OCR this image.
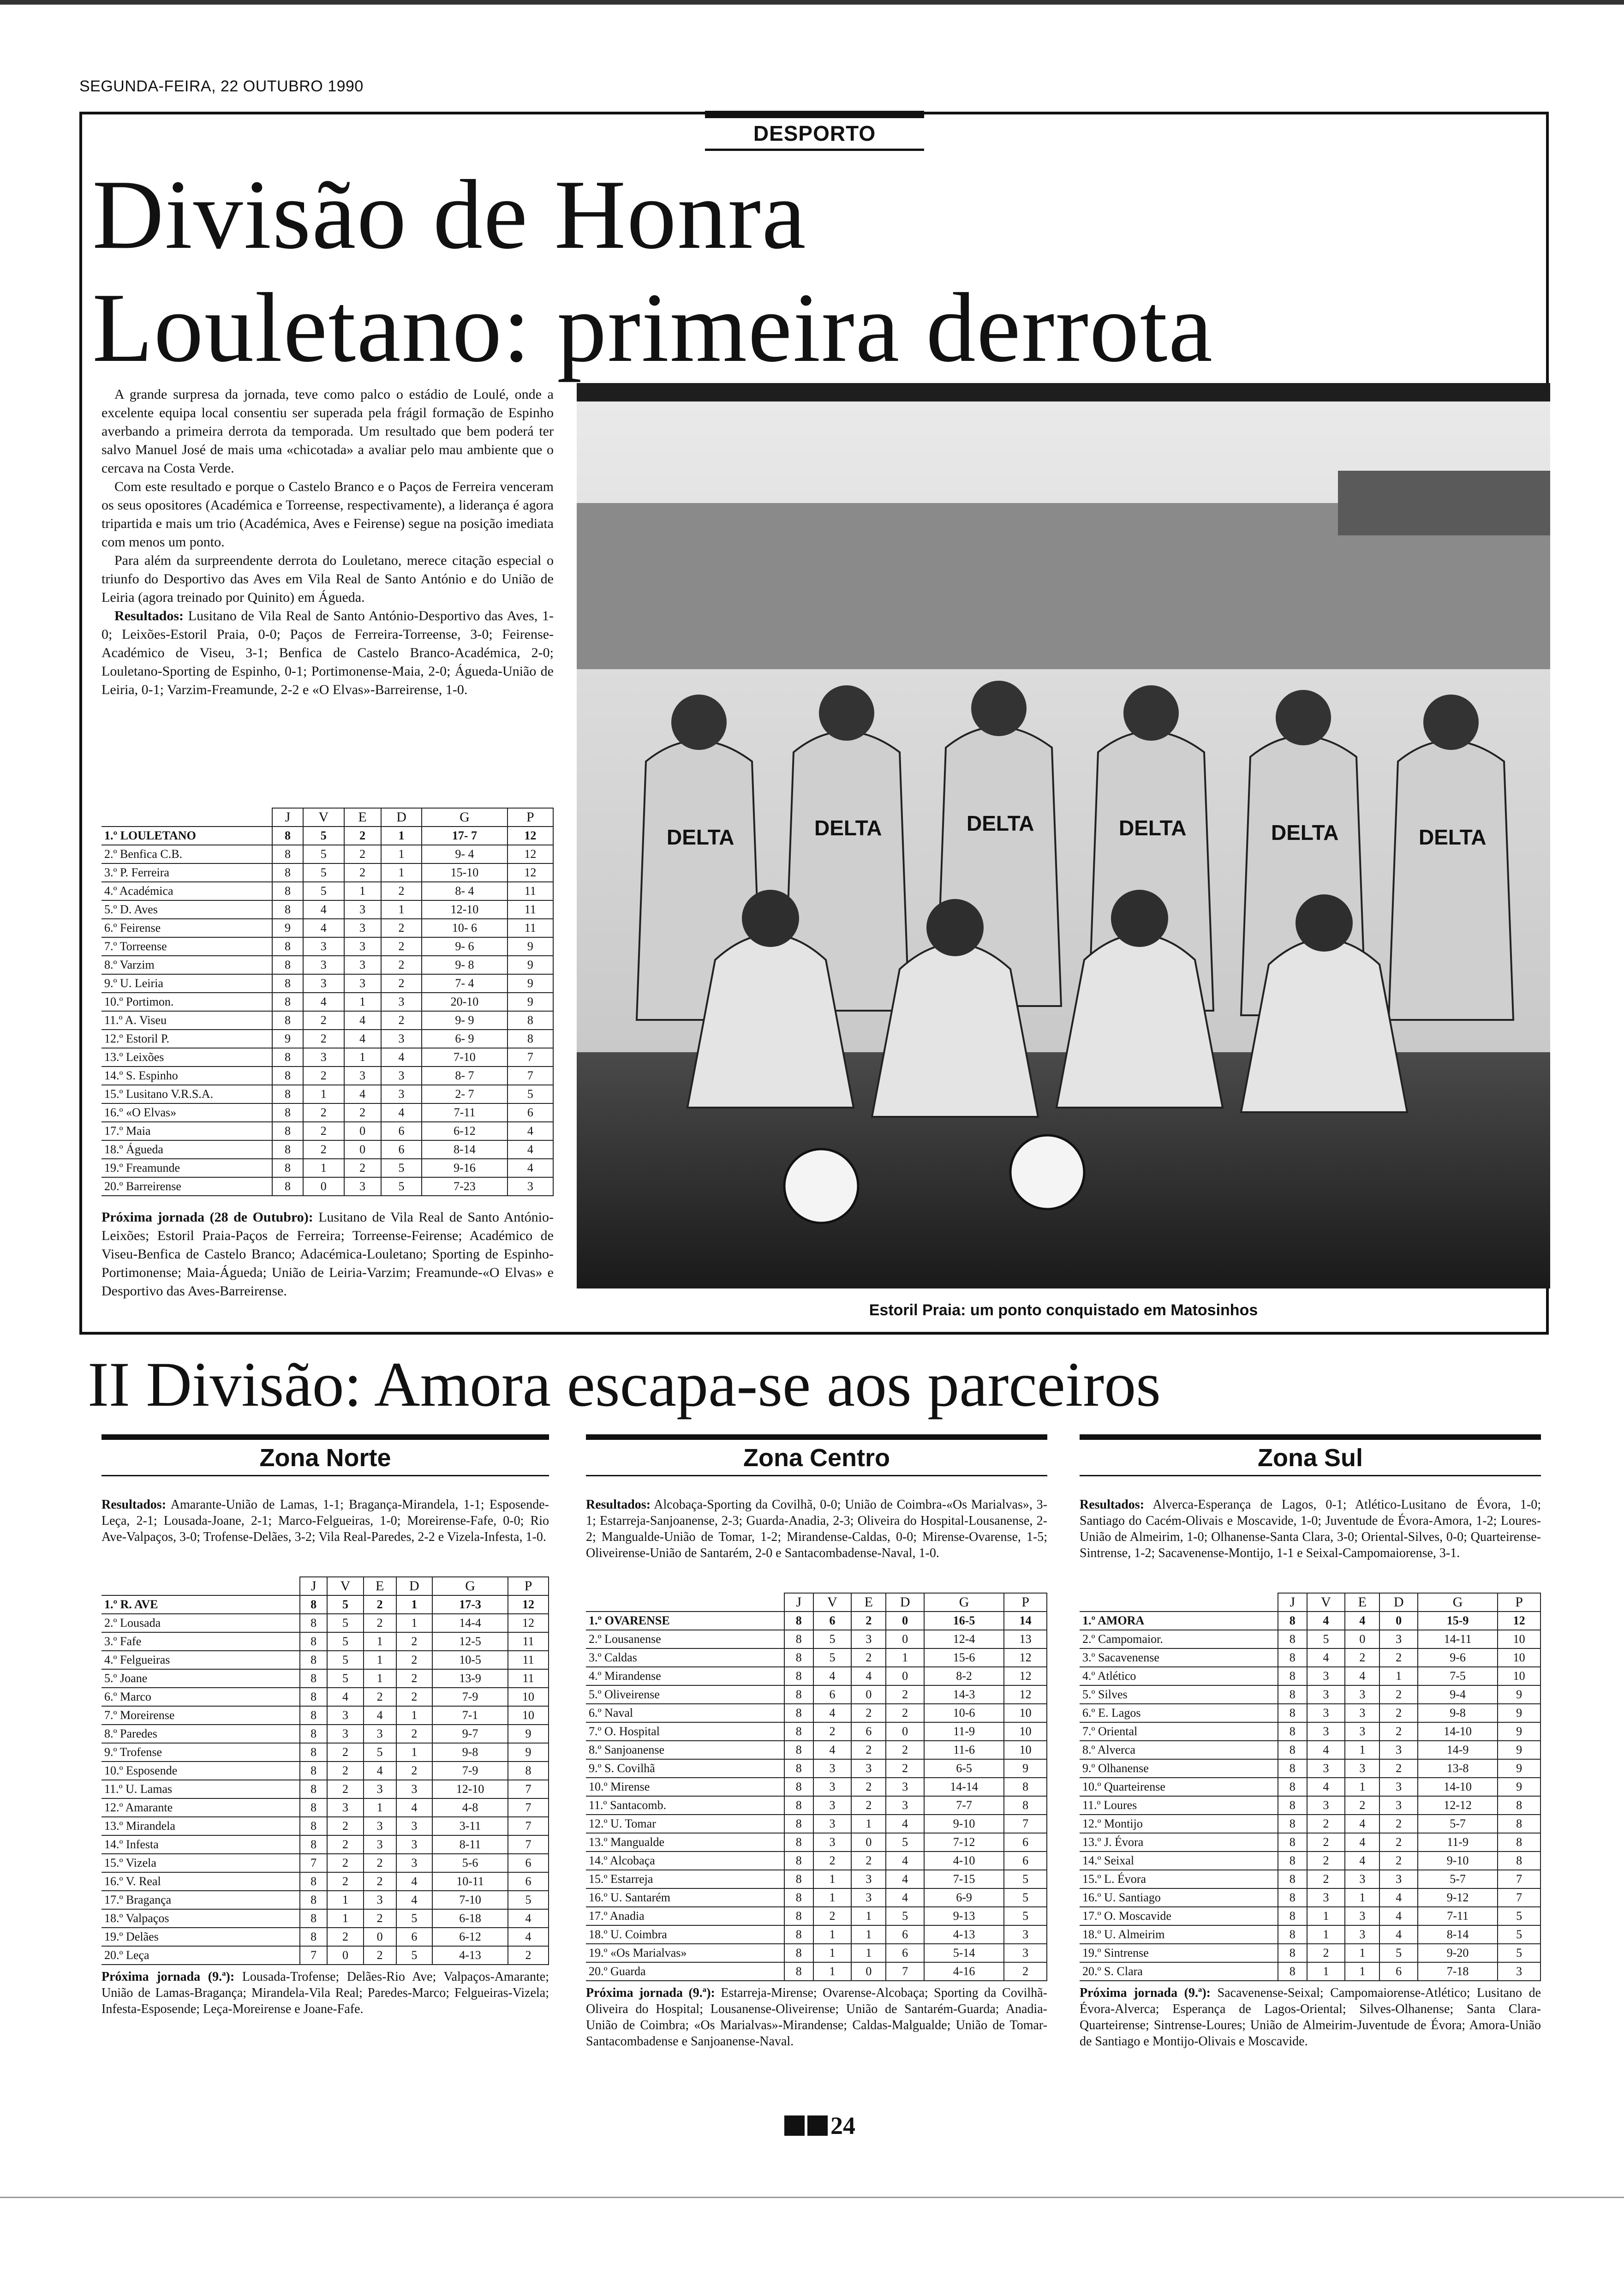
SEGUNDA-FEIRA, 22 OUTUBRO 1990
DESPORTO
Divisão de Honra
Louletano: primeira derrota

A grande surpresa da jornada, teve como palco o estádio de Loulé, onde a excelente equipa local consentiu ser superada pela frágil formação de Espinho averbando a primeira derrota da temporada. Um resultado que bem poderá ter salvo Manuel José de mais uma «chicotada» a avaliar pelo mau ambiente que o cercava na Costa Verde.

Com este resultado e porque o Castelo Branco e o Paços de Ferreira venceram os seus opositores (Académica e Torreense, respectivamente), a liderança é agora tripartida e mais um trio (Académica, Aves e Feirense) segue na posição imediata com menos um ponto.

Para além da surpreendente derrota do Louletano, merece citação especial o triunfo do Desportivo das Aves em Vila Real de Santo António e do União de Leiria (agora treinado por Quinito) em Águeda.

Resultados: Lusitano de Vila Real de Santo António-Desportivo das Aves, 1-0; Leixões-Estoril Praia, 0-0; Paços de Ferreira-Torreense, 3-0; Feirense-Académico de Viseu, 3-1; Benfica de Castelo Branco-Académica, 2-0; Louletano-Sporting de Espinho, 0-1; Portimonense-Maia, 2-0; Águeda-União de Leiria, 0-1; Varzim-Freamunde, 2-2 e «O Elvas»-Barreirense, 1-0.

	J	V	E	D	G	P
1.º LOULETANO	8	5	2	1	17- 7	12
2.º Benfica C.B.	8	5	2	1	9- 4	12
3.º P. Ferreira	8	5	2	1	15-10	12
4.º Académica	8	5	1	2	8- 4	11
5.º D. Aves	8	4	3	1	12-10	11
6.º Feirense	9	4	3	2	10- 6	11
7.º Torreense	8	3	3	2	9- 6	9
8.º Varzim	8	3	3	2	9- 8	9
9.º U. Leiria	8	3	3	2	7- 4	9
10.º Portimon.	8	4	1	3	20-10	9
11.º A. Viseu	8	2	4	2	9- 9	8
12.º Estoril P.	9	2	4	3	6- 9	8
13.º Leixões	8	3	1	4	7-10	7
14.º S. Espinho	8	2	3	3	8- 7	7
15.º Lusitano V.R.S.A.	8	1	4	3	2- 7	5
16.º «O Elvas»	8	2	2	4	7-11	6
17.º Maia	8	2	0	6	6-12	4
18.º Águeda	8	2	0	6	8-14	4
19.º Freamunde	8	1	2	5	9-16	4
20.º Barreirense	8	0	3	5	7-23	3
Próxima jornada (28 de Outubro): Lusitano de Vila Real de Santo António-Leixões; Estoril Praia-Paços de Ferreira; Torreense-Feirense; Académico de Viseu-Benfica de Castelo Branco; Adacémica-Louletano; Sporting de Espinho-Portimonense; Maia-Águeda; União de Leiria-Varzim; Freamunde-«O Elvas» e Desportivo das Aves-Barreirense.
DELTA	DELTA	DELTA	DELTA	DELTA	DELTA
Estoril Praia: um ponto conquistado em Matosinhos
II Divisão: Amora escapa-se aos parceiros
Zona Norte
Resultados: Amarante-União de Lamas, 1-1; Bragança-Mirandela, 1-1; Esposende-Leça, 2-1; Lousada-Joane, 2-1; Marco-Felgueiras, 1-0; Moreirense-Fafe, 0-0; Rio Ave-Valpaços, 3-0; Trofense-Delães, 3-2; Vila Real-Paredes, 2-2 e Vizela-Infesta, 1-0.
	J	V	E	D	G	P
1.º R. AVE	8	5	2	1	17-3	12
2.º Lousada	8	5	2	1	14-4	12
3.º Fafe	8	5	1	2	12-5	11
4.º Felgueiras	8	5	1	2	10-5	11
5.º Joane	8	5	1	2	13-9	11
6.º Marco	8	4	2	2	7-9	10
7.º Moreirense	8	3	4	1	7-1	10
8.º Paredes	8	3	3	2	9-7	9
9.º Trofense	8	2	5	1	9-8	9
10.º Esposende	8	2	4	2	7-9	8
11.º U. Lamas	8	2	3	3	12-10	7
12.º Amarante	8	3	1	4	4-8	7
13.º Mirandela	8	2	3	3	3-11	7
14.º Infesta	8	2	3	3	8-11	7
15.º Vizela	7	2	2	3	5-6	6
16.º V. Real	8	2	2	4	10-11	6
17.º Bragança	8	1	3	4	7-10	5
18.º Valpaços	8	1	2	5	6-18	4
19.º Delães	8	2	0	6	6-12	4
20.º Leça	7	0	2	5	4-13	2
Próxima jornada (9.ª): Lousada-Trofense; Delães-Rio Ave; Valpaços-Amarante; União de Lamas-Bragança; Mirandela-Vila Real; Paredes-Marco; Felgueiras-Vizela; Infesta-Esposende; Leça-Moreirense e Joane-Fafe.
Zona Centro
Resultados: Alcobaça-Sporting da Covilhã, 0-0; União de Coimbra-«Os Marialvas», 3-1; Estarreja-Sanjoanense, 2-3; Guarda-Anadia, 2-3; Oliveira do Hospital-Lousanense, 2-2; Mangualde-União de Tomar, 1-2; Mirandense-Caldas, 0-0; Mirense-Ovarense, 1-5; Oliveirense-União de Santarém, 2-0 e Santacombadense-Naval, 1-0.
	J	V	E	D	G	P
1.º OVARENSE	8	6	2	0	16-5	14
2.º Lousanense	8	5	3	0	12-4	13
3.º Caldas	8	5	2	1	15-6	12
4.º Mirandense	8	4	4	0	8-2	12
5.º Oliveirense	8	6	0	2	14-3	12
6.º Naval	8	4	2	2	10-6	10
7.º O. Hospital	8	2	6	0	11-9	10
8.º Sanjoanense	8	4	2	2	11-6	10
9.º S. Covilhã	8	3	3	2	6-5	9
10.º Mirense	8	3	2	3	14-14	8
11.º Santacomb.	8	3	2	3	7-7	8
12.º U. Tomar	8	3	1	4	9-10	7
13.º Mangualde	8	3	0	5	7-12	6
14.º Alcobaça	8	2	2	4	4-10	6
15.º Estarreja	8	1	3	4	7-15	5
16.º U. Santarém	8	1	3	4	6-9	5
17.º Anadia	8	2	1	5	9-13	5
18.º U. Coimbra	8	1	1	6	4-13	3
19.º «Os Marialvas»	8	1	1	6	5-14	3
20.º Guarda	8	1	0	7	4-16	2
Próxima jornada (9.ª): Estarreja-Mirense; Ovarense-Alcobaça; Sporting da Covilhã-Oliveira do Hospital; Lousanense-Oliveirense; União de Santarém-Guarda; Anadia-União de Coimbra; «Os Marialvas»-Mirandense; Caldas-Malgualde; União de Tomar-Santacombadense e Sanjoanense-Naval.
Zona Sul
Resultados: Alverca-Esperança de Lagos, 0-1; Atlético-Lusitano de Évora, 1-0; Santiago do Cacém-Olivais e Moscavide, 1-0; Juventude de Évora-Amora, 1-2; Loures-União de Almeirim, 1-0; Olhanense-Santa Clara, 3-0; Oriental-Silves, 0-0; Quarteirense-Sintrense, 1-2; Sacavenense-Montijo, 1-1 e Seixal-Campomaiorense, 3-1.
	J	V	E	D	G	P
1.º AMORA	8	4	4	0	15-9	12
2.º Campomaior.	8	5	0	3	14-11	10
3.º Sacavenense	8	4	2	2	9-6	10
4.º Atlético	8	3	4	1	7-5	10
5.º Silves	8	3	3	2	9-4	9
6.º E. Lagos	8	3	3	2	9-8	9
7.º Oriental	8	3	3	2	14-10	9
8.º Alverca	8	4	1	3	14-9	9
9.º Olhanense	8	3	3	2	13-8	9
10.º Quarteirense	8	4	1	3	14-10	9
11.º Loures	8	3	2	3	12-12	8
12.º Montijo	8	2	4	2	5-7	8
13.º J. Évora	8	2	4	2	11-9	8
14.º Seixal	8	2	4	2	9-10	8
15.º L. Évora	8	2	3	3	5-7	7
16.º U. Santiago	8	3	1	4	9-12	7
17.º O. Moscavide	8	1	3	4	7-11	5
18.º U. Almeirim	8	1	3	4	8-14	5
19.º Sintrense	8	2	1	5	9-20	5
20.º S. Clara	8	1	1	6	7-18	3
Próxima jornada (9.ª): Sacavenense-Seixal; Campomaiorense-Atlético; Lusitano de Évora-Alverca; Esperança de Lagos-Oriental; Silves-Olhanense; Santa Clara-Quarteirense; Sintrense-Loures; União de Almeirim-Juventude de Évora; Amora-União de Santiago e Montijo-Olivais e Moscavide.
24
